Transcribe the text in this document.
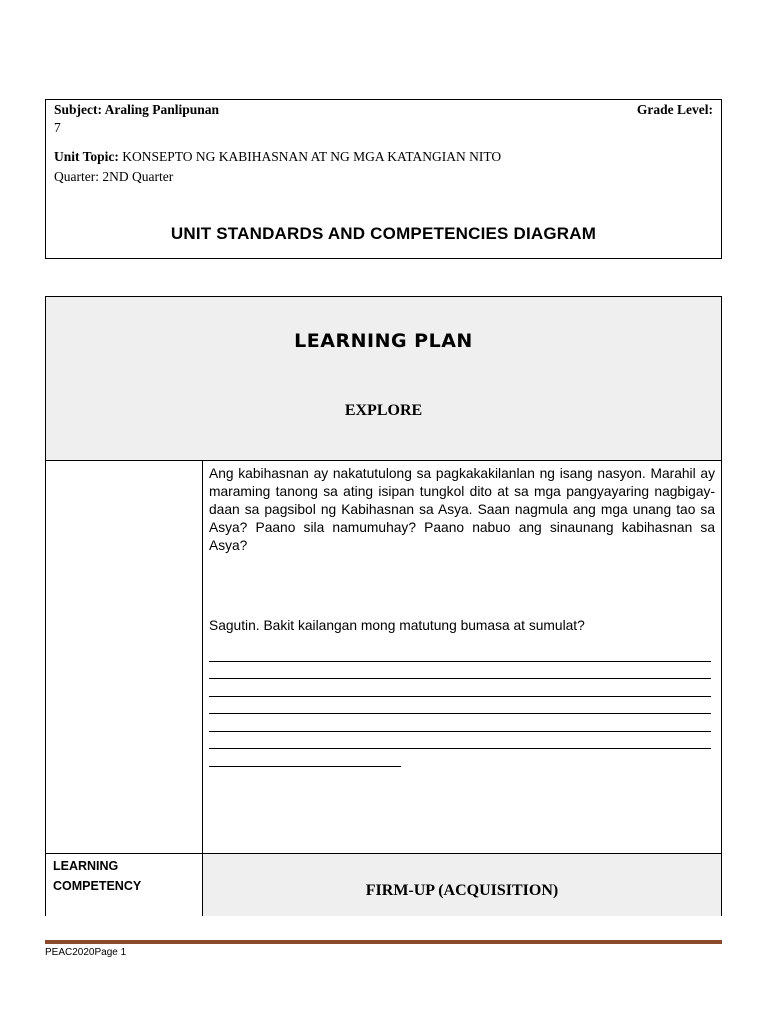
Subject: Araling Panlipunan	Grade Level:
7
Unit Topic: KONSEPTO NG KABIHASNAN AT NG MGA KATANGIAN NITO
Quarter: 2ND Quarter
UNIT STANDARDS AND COMPETENCIES DIAGRAM
LEARNING PLAN
EXPLORE

Ang kabihasnan ay nakatutulong sa pagkakakilanlan ng isang nasyon. Marahil ay maraming tanong sa ating isipan tungkol dito at sa mga pangyayaring nagbigay- daan sa pagsibol ng Kabihasnan sa Asya. Saan nagmula ang mga unang tao sa Asya? Paano sila namumuhay? Paano nabuo ang sinaunang kabihasnan sa Asya?

Sagutin. Bakit kailangan mong matutung bumasa at sumulat?

LEARNING COMPETENCY	FIRM-UP (ACQUISITION)
PEAC2020Page 1
